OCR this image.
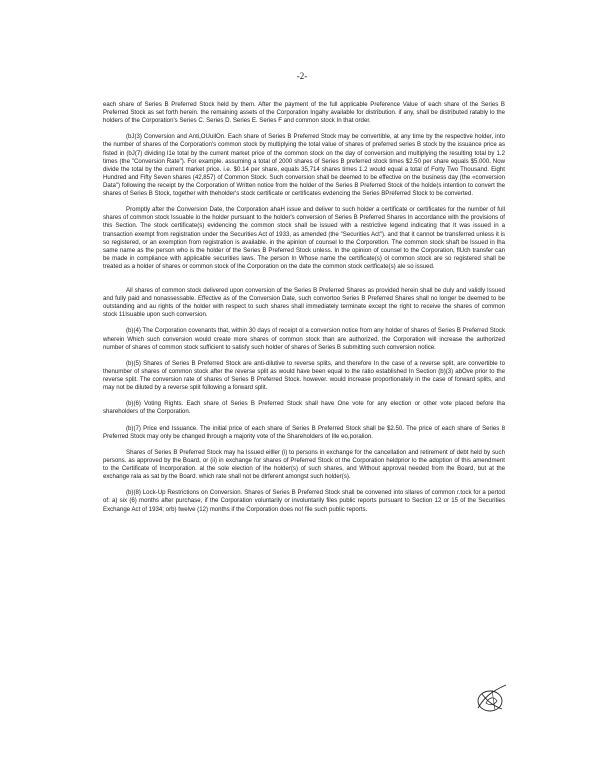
-2-

each share of Series B Preferred Stock held by them. After the payment of the full applicable Preference Value of each share of the Series B Preferred Stock as set forth herein. the remaining assets of the Corporation Ingahy available for distribution. if any, shall be distributed ratably lo the holders of the Corporation's Series C. Series D. Series E. Series F and common stock In that order.

(bJ(3) Conversion and Anti,OUuilOn. Each share of Series B Preferred Stock may be convertible, at any time by the respective holder, into the number of shares of the Corporation's common stock by multiplying the total value of shares of preferred series B stock by the issuance price as fisted in (bJ(7) dividing l1e total by the current market price of the common stock on the day of conversion and multiplying the resulting total by 1.2 times (the "Conversion Rate"). For example. assuming a total of 2000 shares of Series B preferred stock times $2.50 per share equals $5.000. Now divide the total by the current market price. i.e. $0.14 per share, equals 35,714 shares times 1.2 would equal a total of Forty Two Thousand. Eight Hundred and Fifty Seven shares (42,857) of Common Stock. Such conversion shall be deemed to be effective on the business day (the «conversion Data") following the receipt by the Corporation of Written notice from the holder of the Series B Preferred Stock of the holde(s intention to convert the shares of Series B Stock, together with theholder's stock certificate or certificates evdencing the Series BPreferred Stock to be converted.

Promptly after the Conversion Date, the Corporation ahaH issue and deliver to such holder a certificate or certificates for the number of full shares of common stock Issuable lo the holder pursuant to the holder's conversion of Series B Preferred Shares In accordance with the provisions of this Section. The stock certificate(s) evidencing the common stock shall be issued with a restrictive legend indicating that It was issued in a transaction exempt from registration under the Securities Act of 1933, as amended (the "Securities Act"). and that it cannot be transferred unless it is so registered, or an exemption from registration is available. in the apinlon of counsel lo the Corporetlon. The common stock shaft be Issued in lha same name as the person who is the holder of the Series B Preferred Stock unless. In the opinion of counsel to the Corporation, flUch transfer can be made in compliance with applicable securities laws. The person In Whose name the certificate(s) ol common stock are so registered shall be treated as a holder of shares or common stock of lhe Corporation on the date the common stock certficate(s) ale so issued.

All shares of common stock delivered upon conversion of the Series B Preferred Shares as provided herein shall be duly and validly Issued and fully paid and nonassessable. Effective as of the Conversion Date, such convortoo Series B Preferred Shares shall no longer be deemed to be outstanding and au rights of the holder with respect to such shares shall immediately terminate except the right to receive the shares of common stock 11Isuable upon such conversion.

(b)(4) The Corporation covenants that, within 30 days of receipt ol a conversion notice from any holder of shares of Series B Preferred Stock wherein Which such conversion would create more shares of common stock than are authorized. the Corporation will increase the authorized number of shares of common stock sufficient to satisfy such holder of shares of Series B submitting such conversion notice.

(b)(5) Shares of Series B Preferred Stock are anti-dilutive to reverse splits, and therefore In the case of a reverse split, are convertible to thenumber of shares of common stock after the reverse split as would have been equal to the ratio established In Section (b)(3) abOve prior to the reverse split. The conversion rate of shares of Series B Preferred Stock. however. would increase proportionately in the case of forward splits, and may not be diluted by a reverse split following a forward split.

(b)(6) Voting Rights. Each share of Series B Preferred Stock shall have One vote for any election or other vote placed before lha shareholders of the Corporation.

(b)(7) Price end Issuance. The initial price of each share of Series B Preferred Stock shall be $2.50. The price of each share of Series 8 Preferred Stock may only be changed lhrough a majority vote of the Shareholders of Ille eo,poralion.

Shares of Series B Preferred Stock may ha Issued eilller (i) to persons in exchange for the cancellation and retirement of debt held by such persons. as approved by the Board, or (ii) in exchange for shares of Preferred Stock ot the Corporation heldprior lo the adoption of this amendment to the Certificate of Incorporation. al the sole election of lhe holder(s) of such shares, and Without approval needed from lhe Board, but at the exchange rala as sat by the Board. which rate shall not be dlrferent amongst such holder(s).

(b)(8) Lock-Up Restrictions on Conversion. Shares of Series B Preferred Stock shall be convened into sllares of common r.tock for a pertod of: a) six (6) months after purchase, if the Corporation voluntarily or involuntarily files public reports pursuant to Section 12 or 15 of the Securities Exchange Act of 1934; orb) twelve (12) months if the Corporation does no! file such public reports.
